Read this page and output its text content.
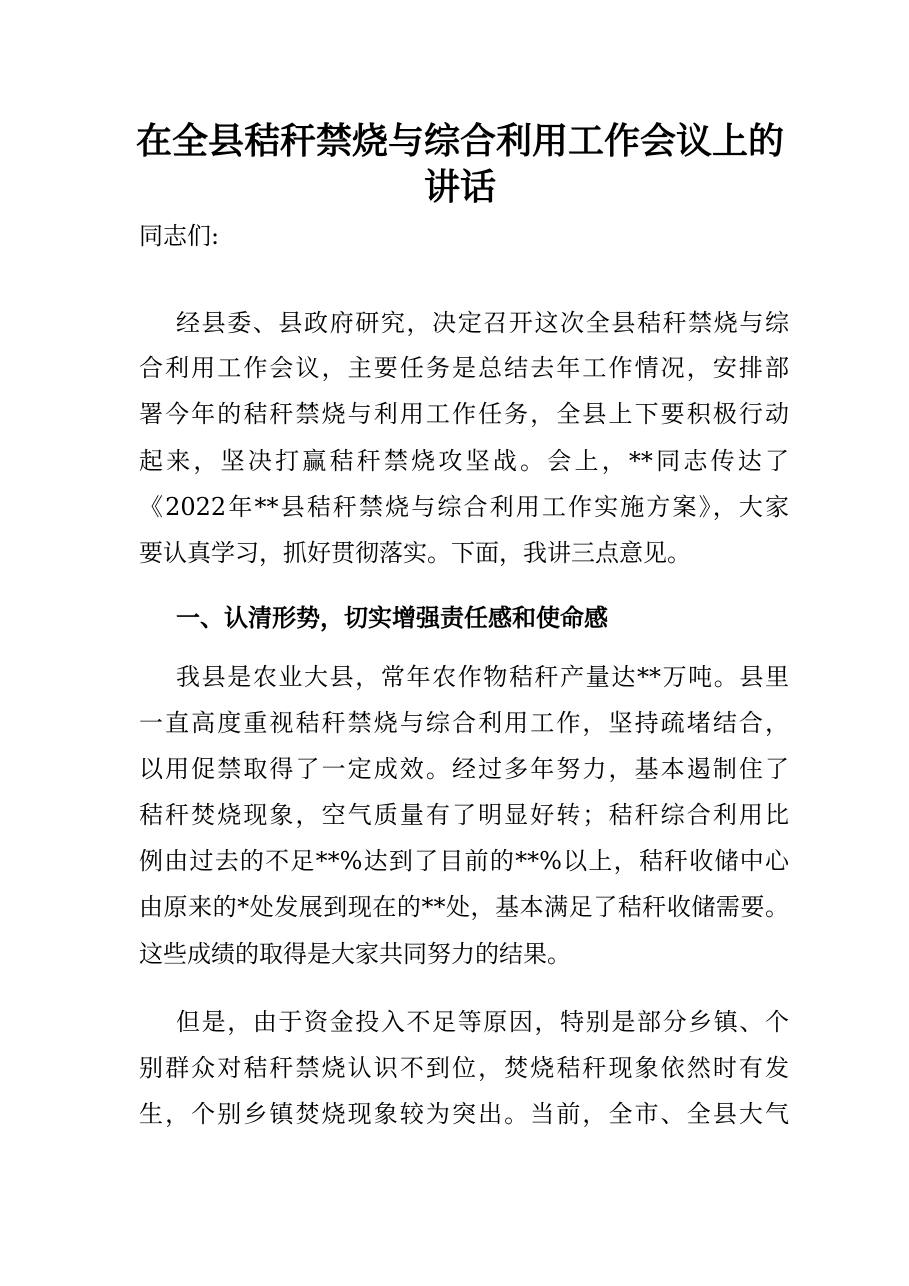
在全县秸秆禁烧与综合利用工作会议上的
讲话

同志们:

经县委、县政府研究，决定召开这次全县秸秆禁烧与综

合利用工作会议，主要任务是总结去年工作情况，安排部

署今年的秸秆禁烧与利用工作任务，全县上下要积极行动

起来，坚决打赢秸秆禁烧攻坚战。会上，**同志传达了

《2022年**县秸秆禁烧与综合利用工作实施方案》，大家

要认真学习，抓好贯彻落实。下面，我讲三点意见。

一、认清形势，切实增强责任感和使命感

我县是农业大县，常年农作物秸秆产量达**万吨。县里

一直高度重视秸秆禁烧与综合利用工作，坚持疏堵结合，

以用促禁取得了一定成效。经过多年努力，基本遏制住了

秸秆焚烧现象，空气质量有了明显好转；秸秆综合利用比

例由过去的不足**%达到了目前的**%以上，秸秆收储中心

由原来的*处发展到现在的**处，基本满足了秸秆收储需要。

这些成绩的取得是大家共同努力的结果。

但是，由于资金投入不足等原因，特别是部分乡镇、个

别群众对秸秆禁烧认识不到位，焚烧秸秆现象依然时有发

生，个别乡镇焚烧现象较为突出。当前，全市、全县大气
